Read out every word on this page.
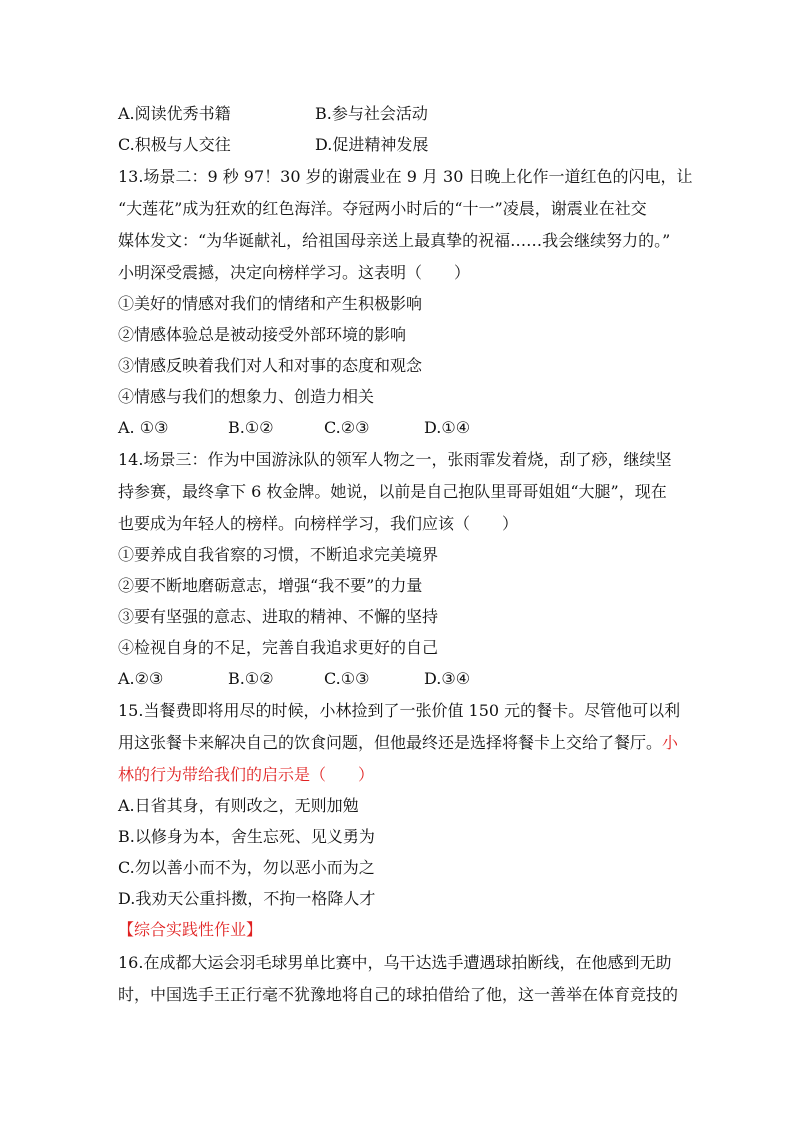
A.阅读优秀书籍	B.参与社会活动
C.积极与人交往	D.促进精神发展
13.场景二：9 秒 97！30 岁的谢震业在 9 月 30 日晚上化作一道红色的闪电，让
“大莲花”成为狂欢的红色海洋。夺冠两小时后的“十一”凌晨，谢震业在社交
媒体发文：“为华诞献礼，给祖国母亲送上最真挚的祝福……我会继续努力的。”
小明深受震撼，决定向榜样学习。这表明（　　）
①美好的情感对我们的情绪和产生积极影响
②情感体验总是被动接受外部环境的影响
③情感反映着我们对人和对事的态度和观念
④情感与我们的想象力、创造力相关
A. ①③	B.①②	C.②③	D.①④
14.场景三：作为中国游泳队的领军人物之一，张雨霏发着烧，刮了痧，继续坚
持参赛，最终拿下 6 枚金牌。她说，以前是自己抱队里哥哥姐姐“大腿”，现在
也要成为年轻人的榜样。向榜样学习，我们应该（　　）
①要养成自我省察的习惯，不断追求完美境界
②要不断地磨砺意志，增强“我不要”的力量
③要有坚强的意志、进取的精神、不懈的坚持
④检视自身的不足，完善自我追求更好的自己
A.②③	B.①②	C.①③	D.③④
15.当餐费即将用尽的时候，小林捡到了一张价值 150 元的餐卡。尽管他可以利
用这张餐卡来解决自己的饮食问题，但他最终还是选择将餐卡上交给了餐厅。小
林的行为带给我们的启示是（　　）
A.日省其身，有则改之，无则加勉
B.以修身为本，舍生忘死、见义勇为
C.勿以善小而不为，勿以恶小而为之
D.我劝天公重抖擞，不拘一格降人才
【综合实践性作业】
16.在成都大运会羽毛球男单比赛中，乌干达选手遭遇球拍断线，在他感到无助
时，中国选手王正行毫不犹豫地将自己的球拍借给了他，这一善举在体育竞技的
